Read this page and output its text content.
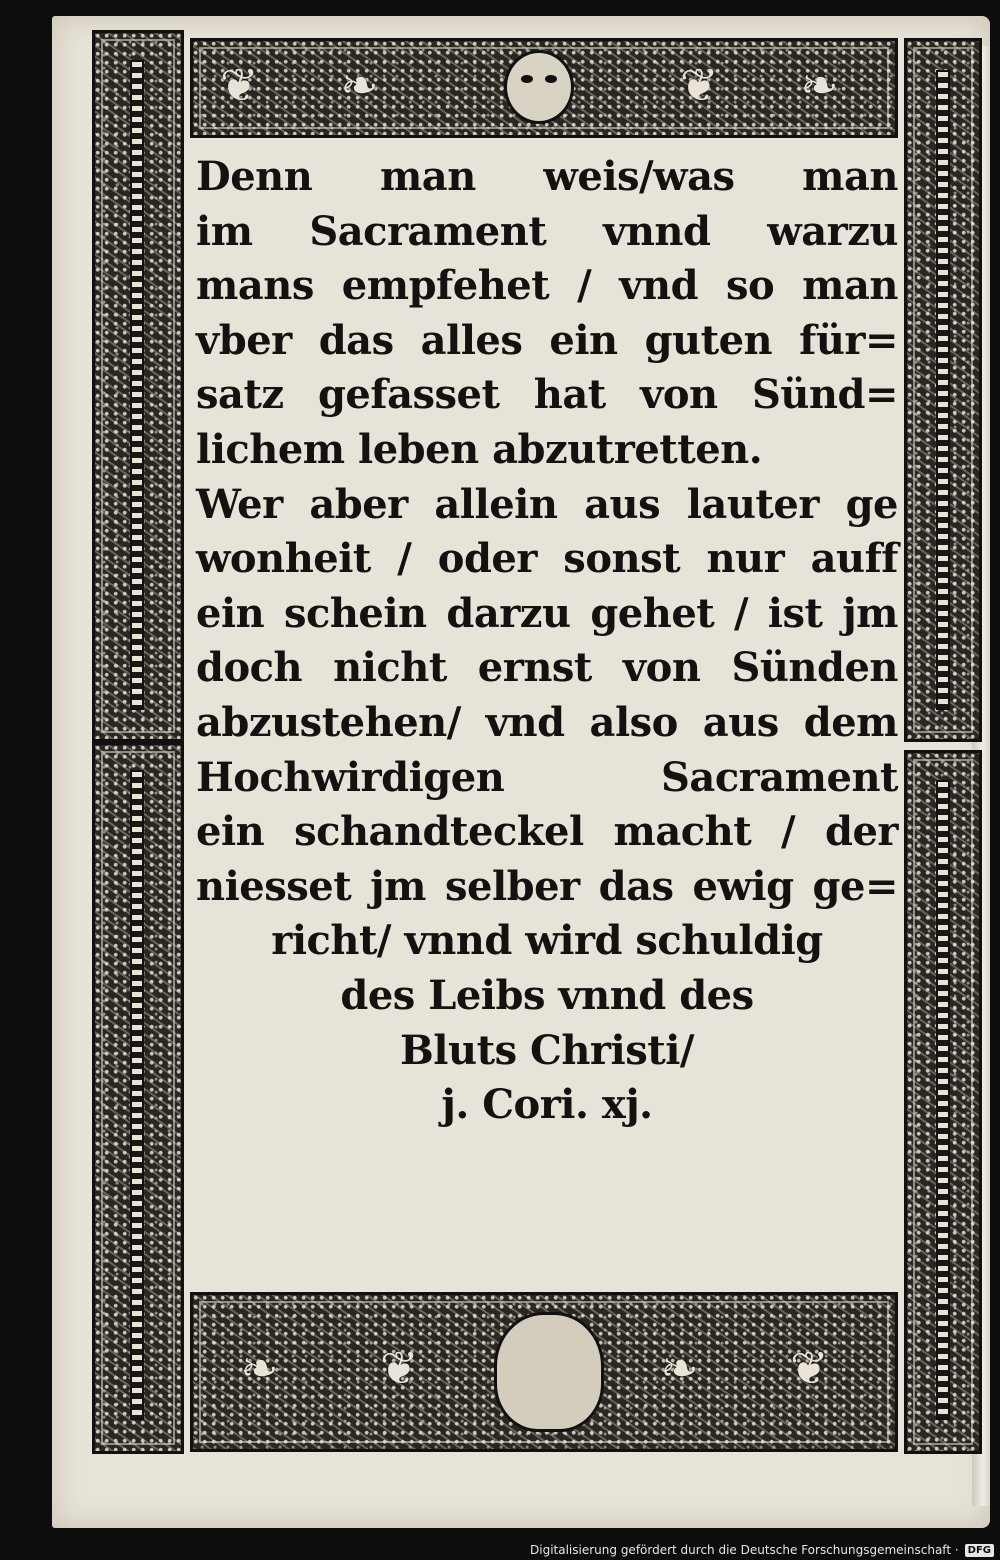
❦ ❧	❦ ❧
❧ ❦	❧ ❦
Denn man weis/was man
im Sacrament vnnd warzu
mans empfehet / vnd so man
vber das alles ein guten für=
satz gefasset hat von Sünd=
lichem leben abzutretten.
Wer aber allein aus lauter ge
wonheit / oder sonst nur auff
ein schein darzu gehet / ist jm
doch nicht ernst von Sünden
abzustehen/ vnd also aus dem
Hochwirdigen Sacrament
ein schandteckel macht / der
niesset jm selber das ewig ge=
richt/ vnnd wird schuldig
des Leibs vnnd des
Bluts Christi/
j. Cori. xj.
Digitalisierung gefördert durch die Deutsche Forschungsgemeinschaft · DFG
